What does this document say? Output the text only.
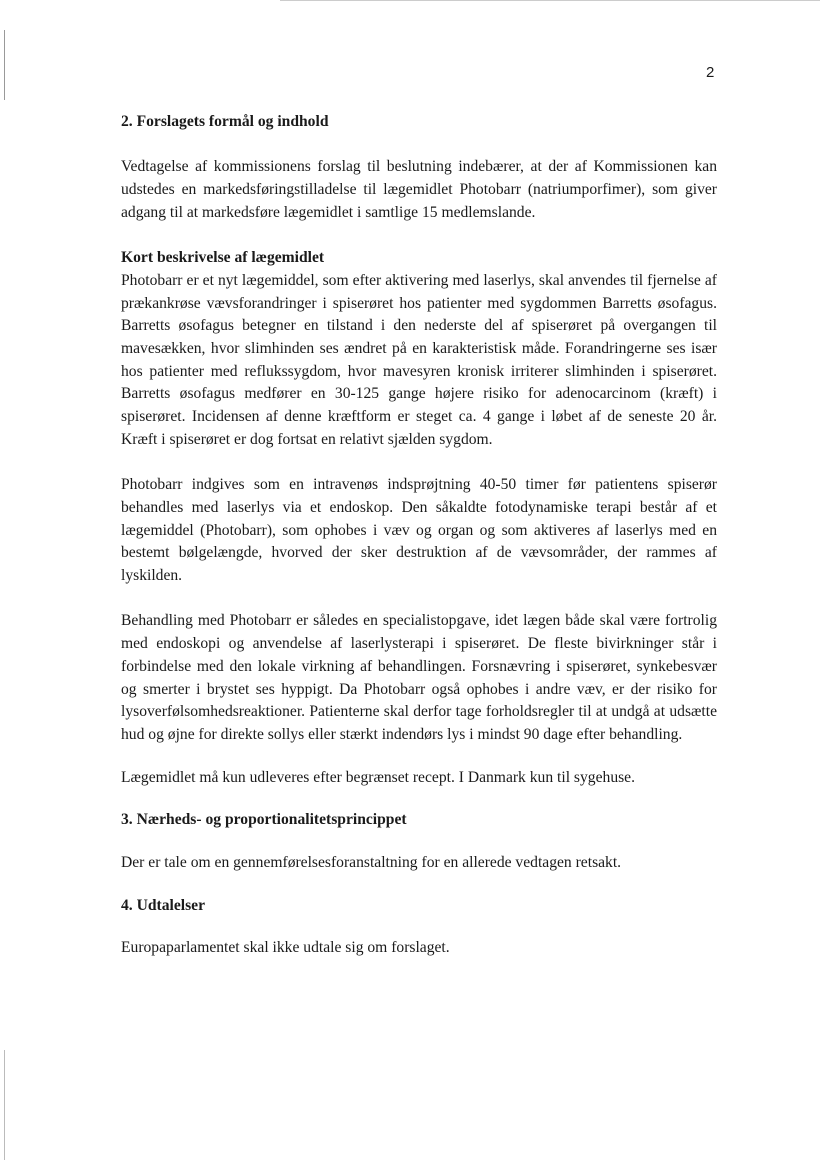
2
2. Forslagets formål og indhold

Vedtagelse af kommissionens forslag til beslutning indebærer, at der af Kommissionen kan udstedes en markedsføringstilladelse til lægemidlet Photobarr (natriumporfimer), som giver adgang til at markedsføre lægemidlet i samtlige 15 medlemslande.

Kort beskrivelse af lægemidlet

Photobarr er et nyt lægemiddel, som efter aktivering med laserlys, skal anvendes til fjernelse af prækankrøse vævsforandringer i spiserøret hos patienter med sygdommen Barretts øsofagus. Barretts øsofagus betegner en tilstand i den nederste del af spiserøret på overgangen til mavesækken, hvor slimhinden ses ændret på en karakteristisk måde. Forandringerne ses især hos patienter med reflukssygdom, hvor mavesyren kronisk irriterer slimhinden i spiserøret. Barretts øsofagus medfører en 30-125 gange højere risiko for adenocarcinom (kræft) i spiserøret. Incidensen af denne kræftform er steget ca. 4 gange i løbet af de seneste 20 år. Kræft i spiserøret er dog fortsat en relativt sjælden sygdom.

Photobarr indgives som en intravenøs indsprøjtning 40-50 timer før patientens spiserør behandles med laserlys via et endoskop. Den såkaldte fotodynamiske terapi består af et lægemiddel (Photobarr), som ophobes i væv og organ og som aktiveres af laserlys med en bestemt bølgelængde, hvorved der sker destruktion af de vævsområder, der rammes af lyskilden.

Behandling med Photobarr er således en specialistopgave, idet lægen både skal være fortrolig med endoskopi og anvendelse af laserlysterapi i spiserøret. De fleste bivirkninger står i forbindelse med den lokale virkning af behandlingen. Forsnævring i spiserøret, synkebesvær og smerter i brystet ses hyppigt. Da Photobarr også ophobes i andre væv, er der risiko for lysoverfølsomhedsreaktioner. Patienterne skal derfor tage forholdsregler til at undgå at udsætte hud og øjne for direkte sollys eller stærkt indendørs lys i mindst 90 dage efter behandling.

Lægemidlet må kun udleveres efter begrænset recept. I Danmark kun til sygehuse.

3. Nærheds- og proportionalitetsprincippet

Der er tale om en gennemførelsesforanstaltning for en allerede vedtagen retsakt.

4. Udtalelser

Europaparlamentet skal ikke udtale sig om forslaget.
